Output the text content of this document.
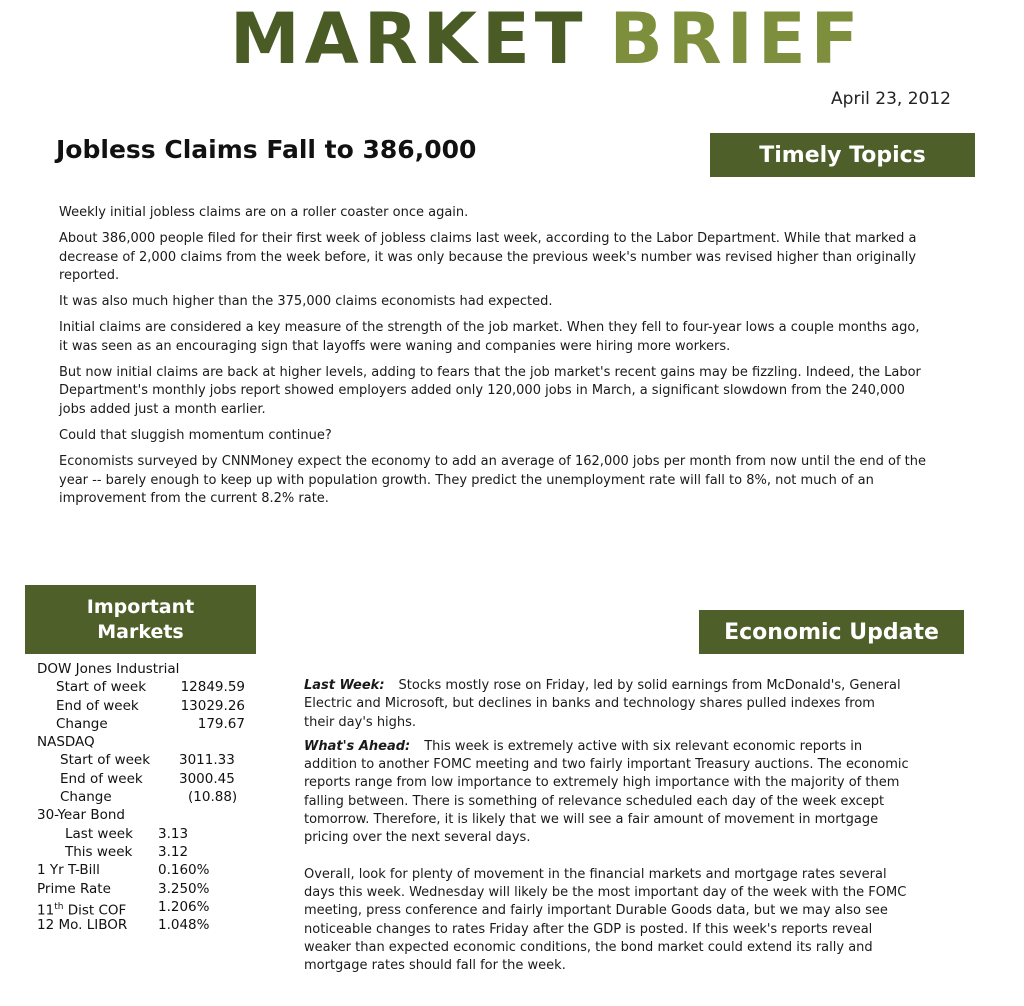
MARKET BRIEF
April 23, 2012
Jobless Claims Fall to 386,000	Timely Topics

Weekly initial jobless claims are on a roller coaster once again.

About 386,000 people filed for their first week of jobless claims last week, according to the Labor Department. While that marked a decrease of 2,000 claims from the week before, it was only because the previous week's number was revised higher than originally reported.

It was also much higher than the 375,000 claims economists had expected.

Initial claims are considered a key measure of the strength of the job market. When they fell to four-year lows a couple months ago, it was seen as an encouraging sign that layoffs were waning and companies were hiring more workers.

But now initial claims are back at higher levels, adding to fears that the job market's recent gains may be fizzling. Indeed, the Labor Department's monthly jobs report showed employers added only 120,000 jobs in March, a significant slowdown from the 240,000 jobs added just a month earlier.

Could that sluggish momentum continue?

Economists surveyed by CNNMoney expect the economy to add an average of 162,000 jobs per month from now until the end of the year -- barely enough to keep up with population growth. They predict the unemployment rate will fall to 8%, not much of an improvement from the current 8.2% rate.

Important
Markets
DOW Jones Industrial
Start of week	12849.59
End of week	13029.26
Change	179.67
NASDAQ
Start of week 3011.33
End of week	3000.45
Change	(10.88)
30-Year Bond
Last week 3.13
This week 3.12
1 Yr T-Bill	0.160%
Prime Rate	3.250%
11th Dist COF 1.206%
12 Mo. LIBOR 1.048%
Economic Update

Last Week: Stocks mostly rose on Friday, led by solid earnings from McDonald's, General Electric and Microsoft, but declines in banks and technology shares pulled indexes from their day's highs.

What's Ahead: This week is extremely active with six relevant economic reports in addition to another FOMC meeting and two fairly important Treasury auctions. The economic reports range from low importance to extremely high importance with the majority of them falling between. There is something of relevance scheduled each day of the week except tomorrow. Therefore, it is likely that we will see a fair amount of movement in mortgage pricing over the next several days.

Overall, look for plenty of movement in the financial markets and mortgage rates several days this week. Wednesday will likely be the most important day of the week with the FOMC meeting, press conference and fairly important Durable Goods data, but we may also see noticeable changes to rates Friday after the GDP is posted. If this week's reports reveal weaker than expected economic conditions, the bond market could extend its rally and mortgage rates should fall for the week.
